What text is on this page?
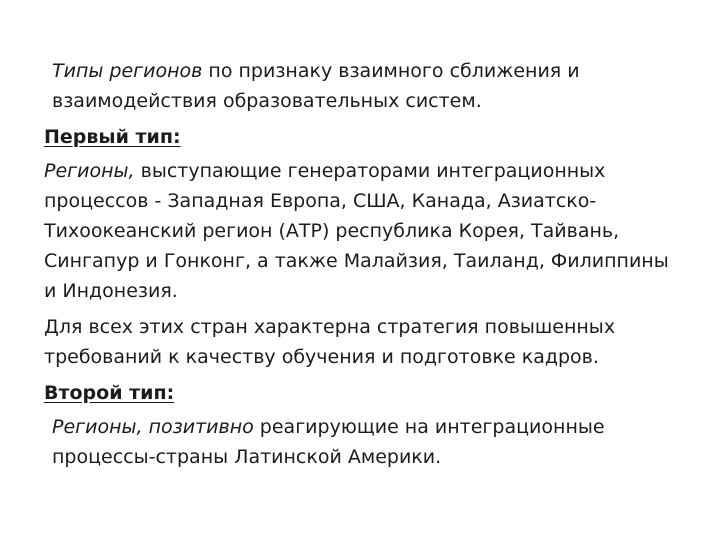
Типы регионов по признаку взаимного сближения и взаимодействия образовательных систем.

Первый тип:

Регионы, выступающие генераторами интеграционных процессов - Западная Европа, США, Канада, Азиатско-Тихоокеанский регион (АТР) республика Корея, Тайвань, Сингапур и Гонконг, а также Малайзия, Таиланд, Филиппины и Индонезия.

Для всех этих стран характерна стратегия повышенных требований к качеству обучения и подготовке кадров.

Второй тип:

Регионы, позитивно реагирующие на интеграционные процессы-страны Латинской Америки.
